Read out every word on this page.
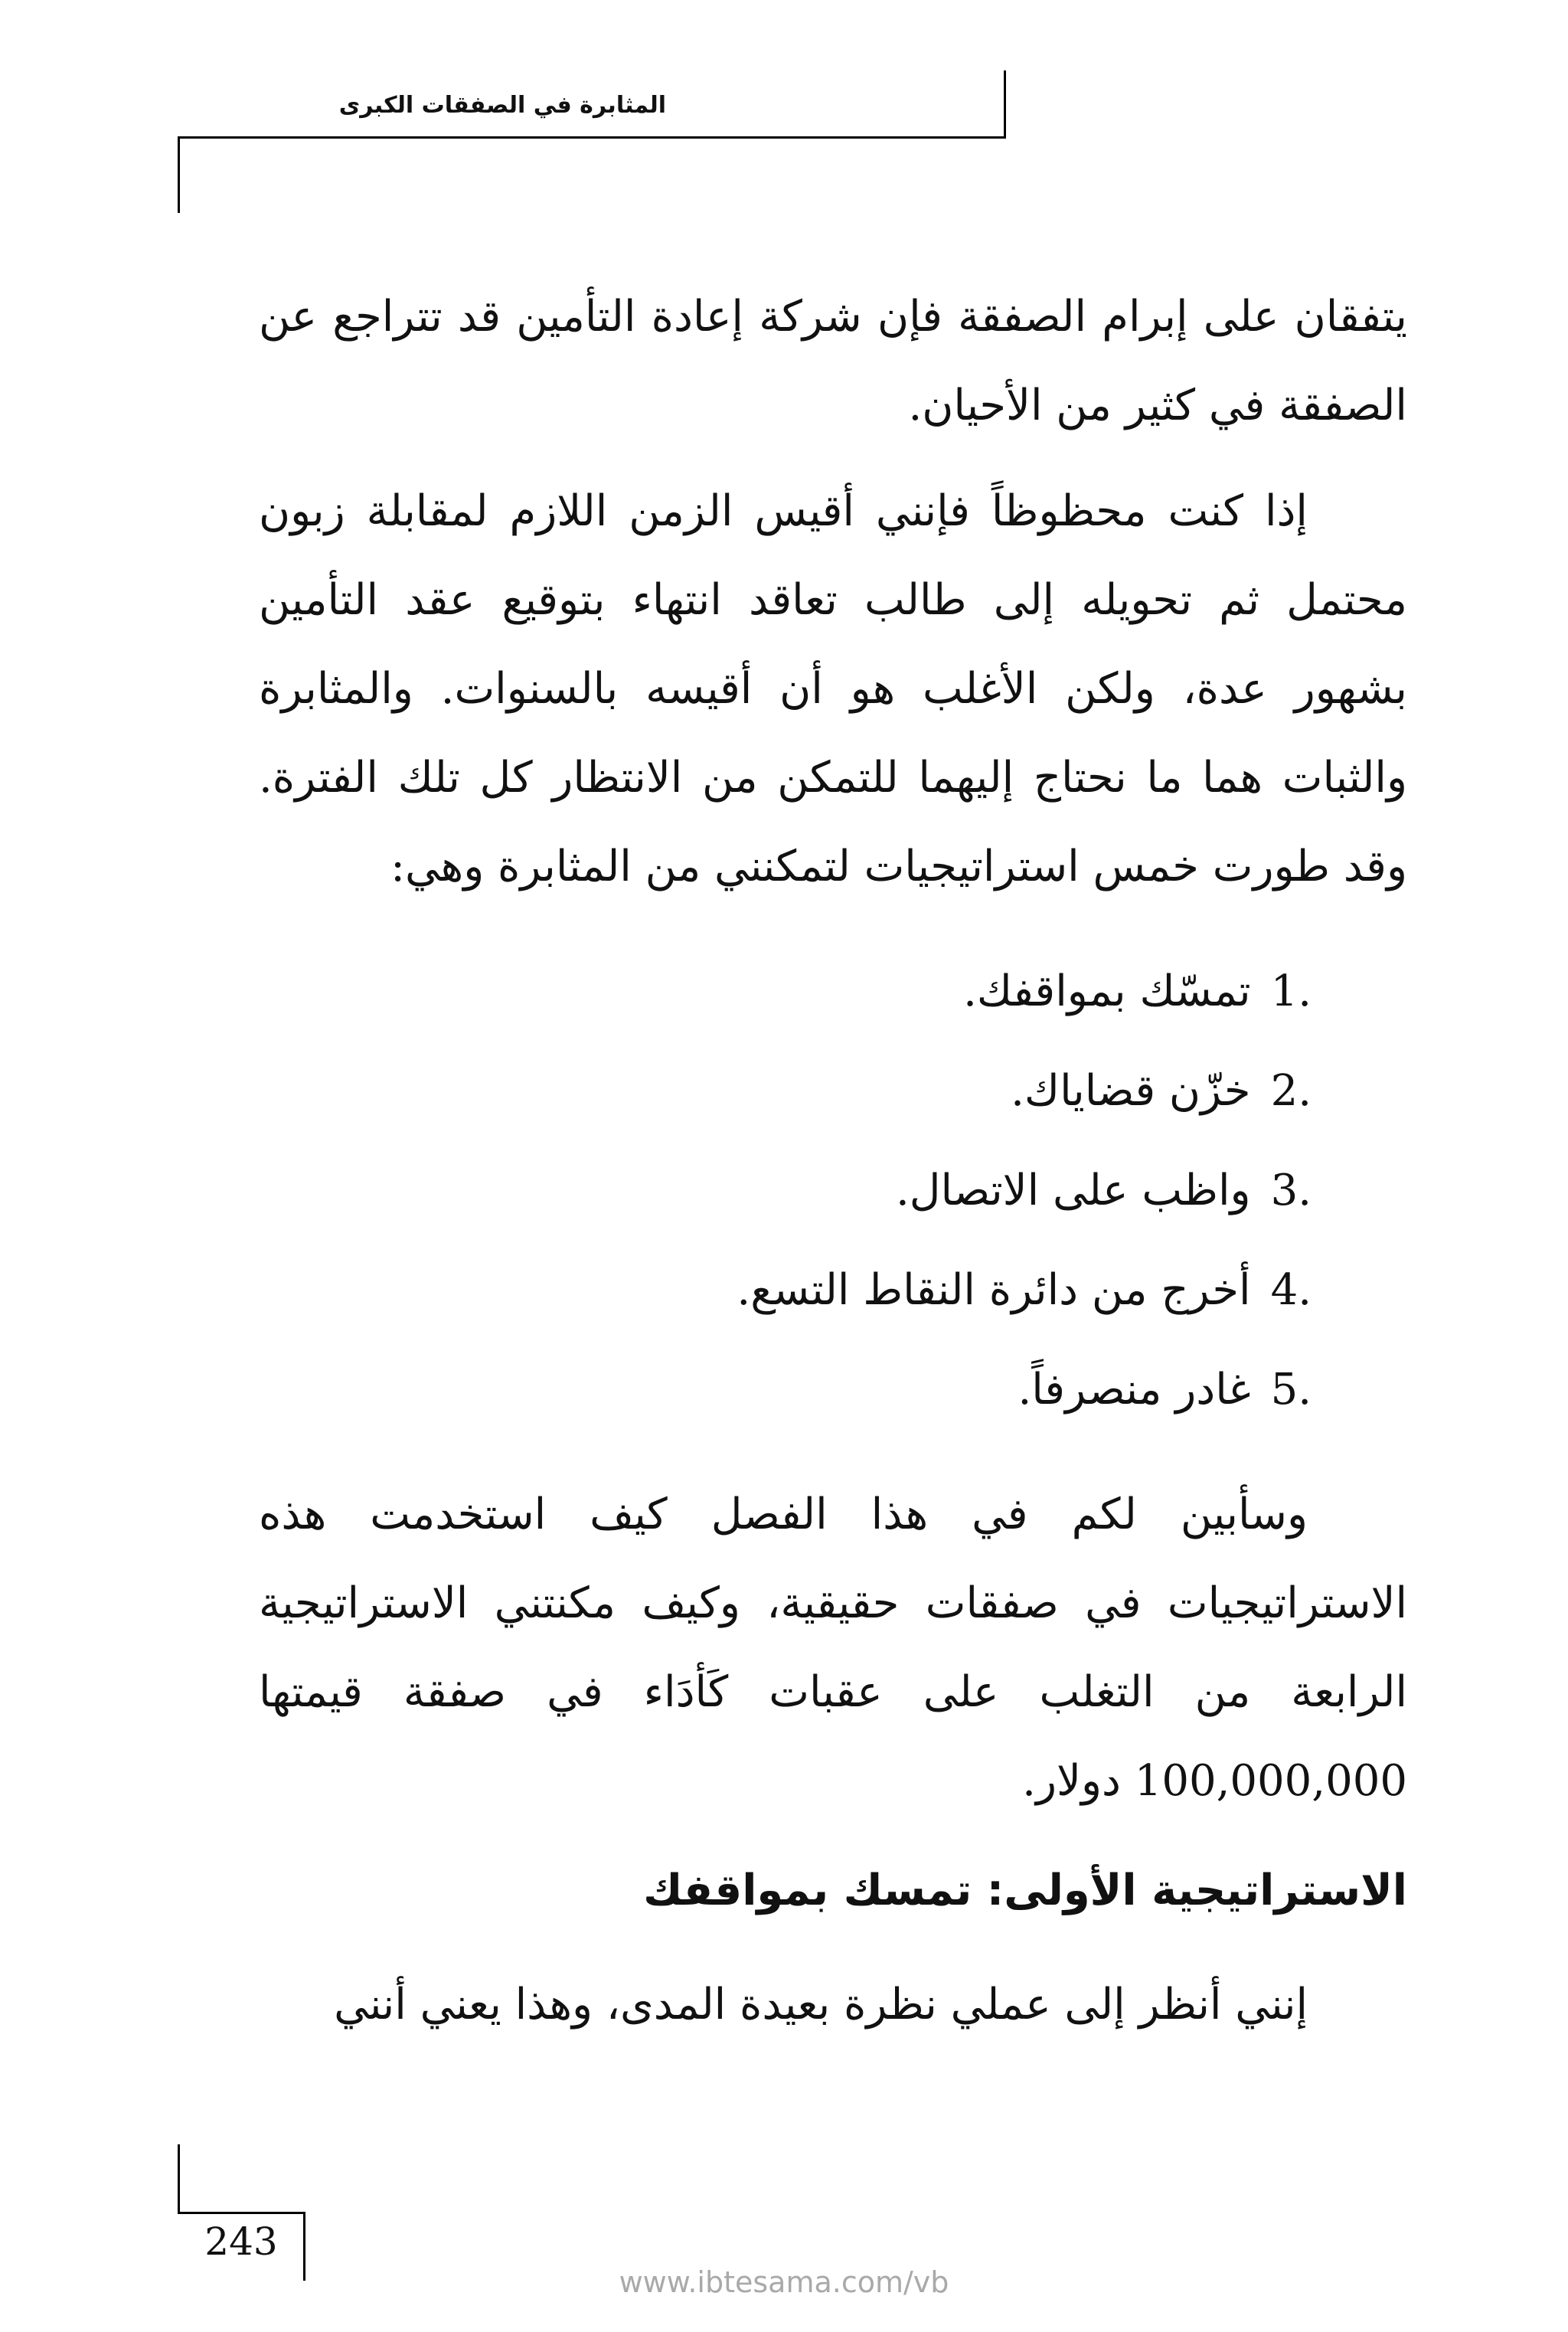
المثابرة في الصفقات الكبرى

يتفقان على إبرام الصفقة فإن شركة إعادة التأمين قد تتراجع عن الصفقة في كثير من الأحيان.

إذا كنت محظوظاً فإنني أقيس الزمن اللازم لمقابلة زبون محتمل ثم تحويله إلى طالب تعاقد انتهاء بتوقيع عقد التأمين بشهور عدة، ولكن الأغلب هو أن أقيسه بالسنوات. والمثابرة والثبات هما ما نحتاج إليهما للتمكن من الانتظار كل تلك الفترة. وقد طورت خمس استراتيجيات لتمكنني من المثابرة وهي:

1.
تمسّك بمواقفك.
2.
خزّن قضاياك.
3.
واظب على الاتصال.
4.
أخرج من دائرة النقاط التسع.
5.
غادر منصرفاً.

وسأبين لكم في هذا الفصل كيف استخدمت هذه الاستراتيجيات في صفقات حقيقية، وكيف مكنتني الاستراتيجية الرابعة من التغلب على عقبات كَأدَاء في صفقة قيمتها 100,000,000 دولار.

الاستراتيجية الأولى: تمسك بمواقفك

إنني أنظر إلى عملي نظرة بعيدة المدى، وهذا يعني أنني

243
www.ibtesama.com/vb
